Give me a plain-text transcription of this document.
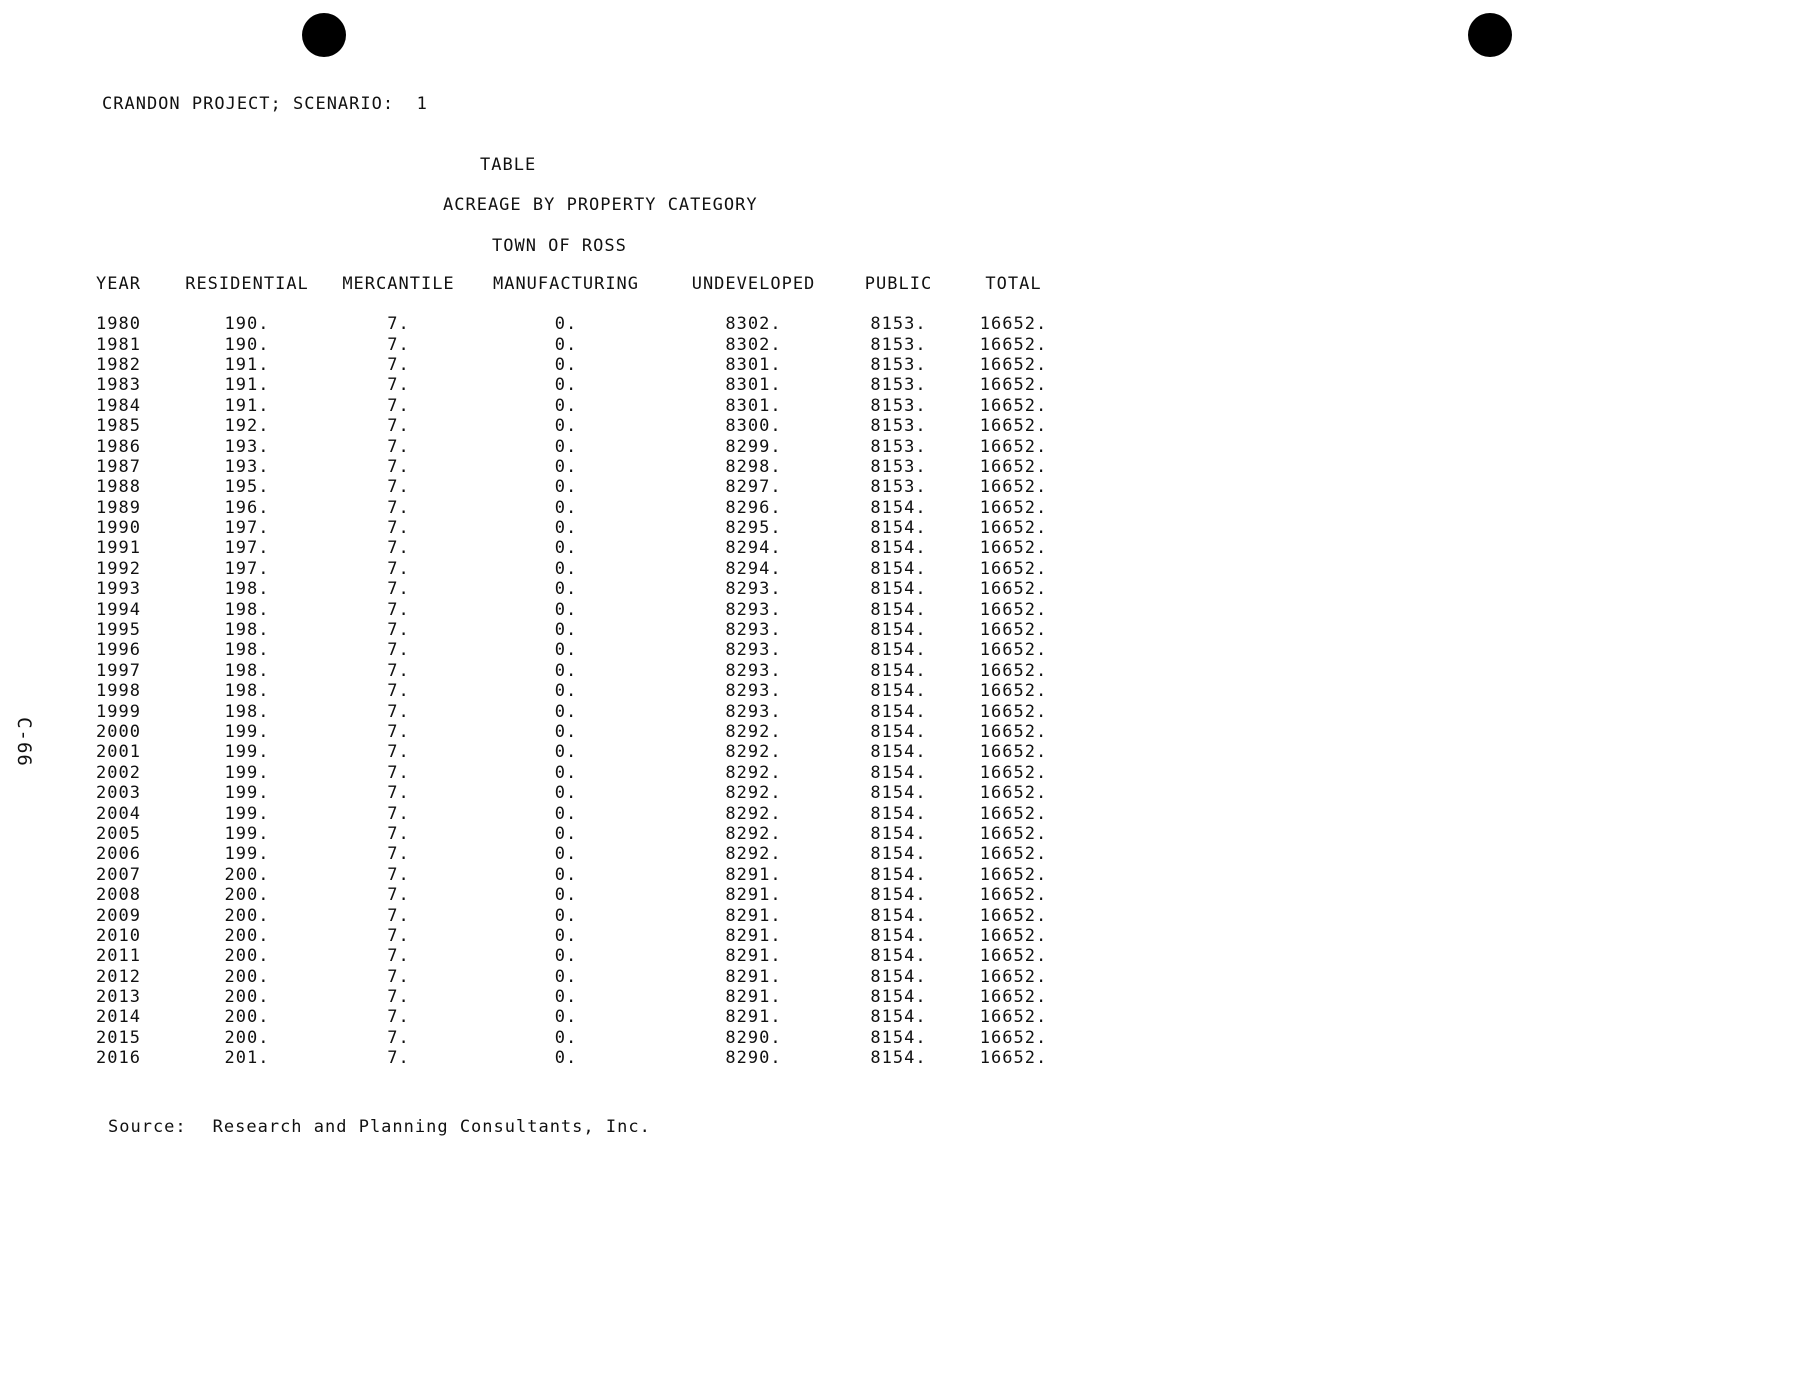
CRANDON PROJECT; SCENARIO: 1
TABLE
ACREAGE BY PROPERTY CATEGORY
TOWN OF ROSS
YEAR	RESIDENTIAL	MERCANTILE	MANUFACTURING	UNDEVELOPED	PUBLIC	TOTAL
1980	190.	7.	0.	8302.	8153.	16652.
1981	190.	7.	0.	8302.	8153.	16652.
1982	191.	7.	0.	8301.	8153.	16652.
1983	191.	7.	0.	8301.	8153.	16652.
1984	191.	7.	0.	8301.	8153.	16652.
1985	192.	7.	0.	8300.	8153.	16652.
1986	193.	7.	0.	8299.	8153.	16652.
1987	193.	7.	0.	8298.	8153.	16652.
1988	195.	7.	0.	8297.	8153.	16652.
1989	196.	7.	0.	8296.	8154.	16652.
1990	197.	7.	0.	8295.	8154.	16652.
1991	197.	7.	0.	8294.	8154.	16652.
1992	197.	7.	0.	8294.	8154.	16652.
1993	198.	7.	0.	8293.	8154.	16652.
1994	198.	7.	0.	8293.	8154.	16652.
1995	198.	7.	0.	8293.	8154.	16652.
1996	198.	7.	0.	8293.	8154.	16652.
1997	198.	7.	0.	8293.	8154.	16652.
1998	198.	7.	0.	8293.	8154.	16652.
1999	198.	7.	0.	8293.	8154.	16652.
2000	199.	7.	0.	8292.	8154.	16652.
2001	199.	7.	0.	8292.	8154.	16652.
2002	199.	7.	0.	8292.	8154.	16652.
2003	199.	7.	0.	8292.	8154.	16652.
2004	199.	7.	0.	8292.	8154.	16652.
2005	199.	7.	0.	8292.	8154.	16652.
2006	199.	7.	0.	8292.	8154.	16652.
2007	200.	7.	0.	8291.	8154.	16652.
2008	200.	7.	0.	8291.	8154.	16652.
2009	200.	7.	0.	8291.	8154.	16652.
2010	200.	7.	0.	8291.	8154.	16652.
2011	200.	7.	0.	8291.	8154.	16652.
2012	200.	7.	0.	8291.	8154.	16652.
2013	200.	7.	0.	8291.	8154.	16652.
2014	200.	7.	0.	8291.	8154.	16652.
2015	200.	7.	0.	8290.	8154.	16652.
2016	201.	7.	0.	8290.	8154.	16652.
Source: Research and Planning Consultants, Inc.
C-66
